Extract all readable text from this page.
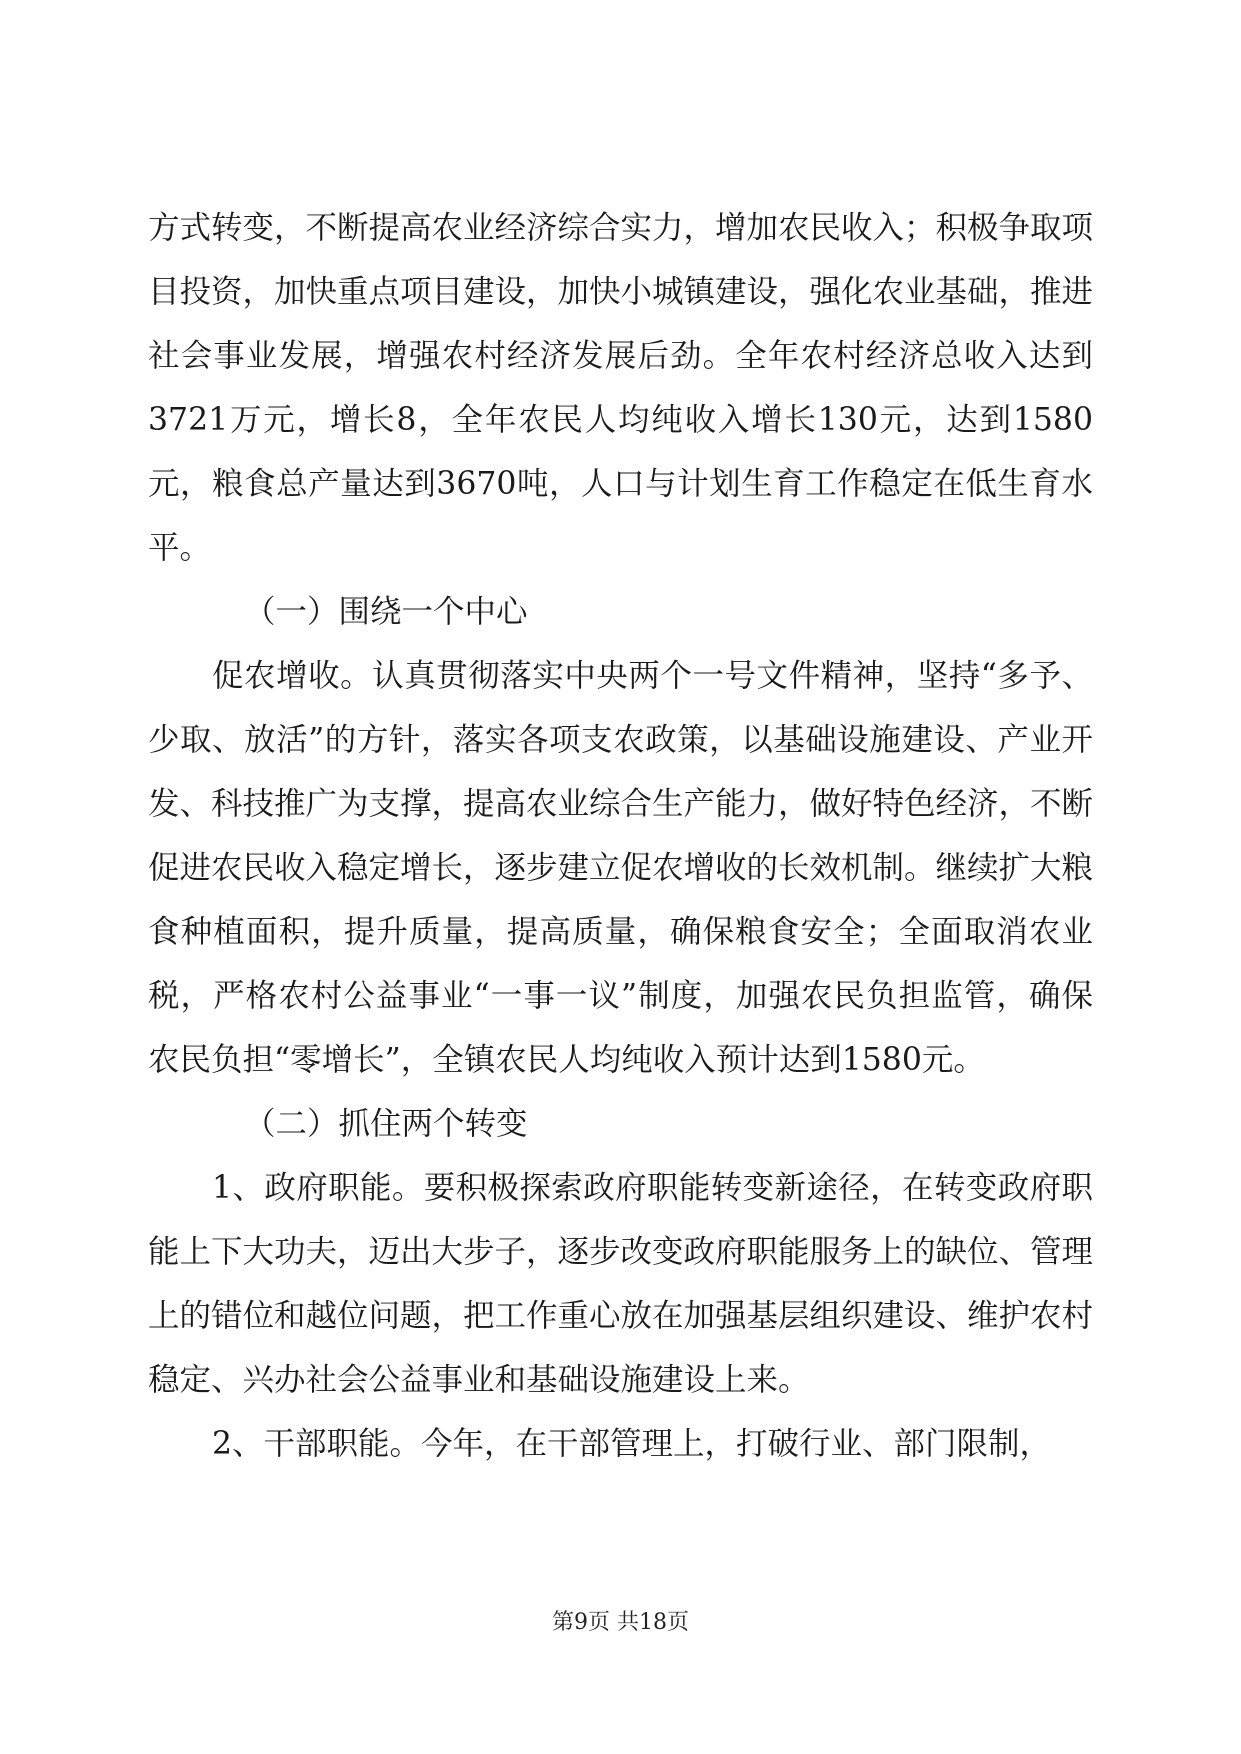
方式转变，不断提高农业经济综合实力，增加农民收入；积极争取项目投资，加快重点项目建设，加快小城镇建设，强化农业基础，推进社会事业发展，增强农村经济发展后劲。全年农村经济总收入达到3721万元，增长8，全年农民人均纯收入增长130元，达到1580元，粮食总产量达到3670吨，人口与计划生育工作稳定在低生育水平。

（一）围绕一个中心

促农增收。认真贯彻落实中央两个一号文件精神，坚持“多予、少取、放活”的方针，落实各项支农政策，以基础设施建设、产业开发、科技推广为支撑，提高农业综合生产能力，做好特色经济，不断促进农民收入稳定增长，逐步建立促农增收的长效机制。继续扩大粮食种植面积，提升质量，提高质量，确保粮食安全；全面取消农业税，严格农村公益事业“一事一议”制度，加强农民负担监管，确保农民负担“零增长”，全镇农民人均纯收入预计达到1580元。

（二）抓住两个转变

1、政府职能。要积极探索政府职能转变新途径，在转变政府职能上下大功夫，迈出大步子，逐步改变政府职能服务上的缺位、管理上的错位和越位问题，把工作重心放在加强基层组织建设、维护农村稳定、兴办社会公益事业和基础设施建设上来。

2、干部职能。今年，在干部管理上，打破行业、部门限制，

第9页 共18页
